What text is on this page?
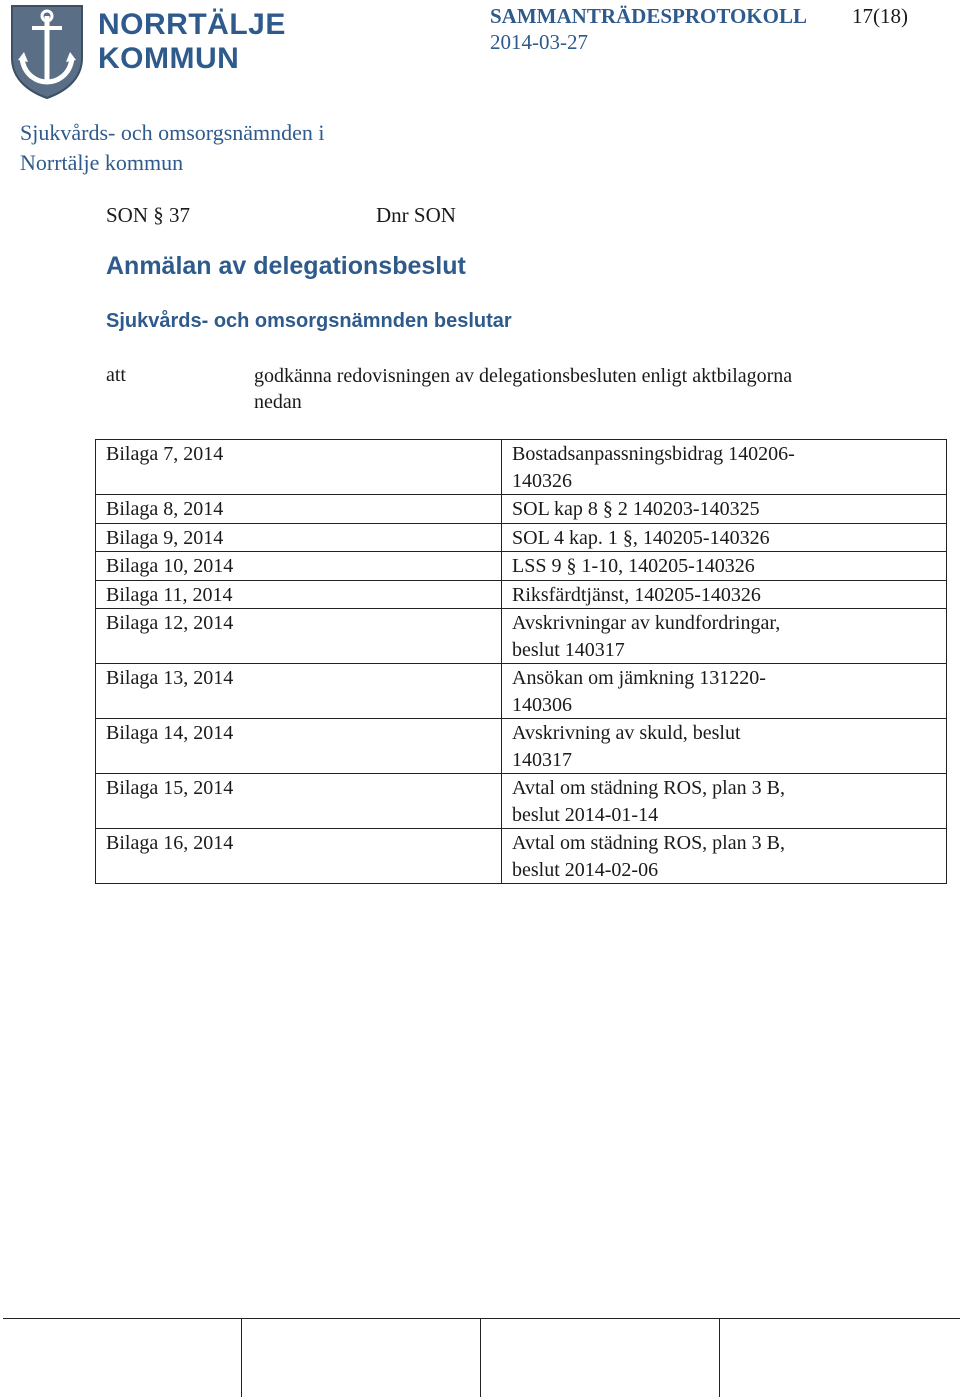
NORRTÄLJE
KOMMUN
SAMMANTRÄDESPROTOKOLL 17(18)
2014-03-27
Sjukvårds- och omsorgsnämnden i
Norrtälje kommun
SON § 37	Dnr SON
Anmälan av delegationsbeslut
Sjukvårds- och omsorgsnämnden beslutar
att	godkänna redovisningen av delegationsbesluten enligt aktbilagorna nedan
Bilaga 7, 2014	Bostadsanpassningsbidrag 140206-
140326
Bilaga 8, 2014	SOL kap 8 § 2 140203-140325
Bilaga 9, 2014	SOL 4 kap. 1 §, 140205-140326
Bilaga 10, 2014	LSS 9 § 1-10, 140205-140326
Bilaga 11, 2014	Riksfärdtjänst, 140205-140326
Bilaga 12, 2014	Avskrivningar av kundfordringar,
beslut 140317
Bilaga 13, 2014	Ansökan om jämkning 131220-
140306
Bilaga 14, 2014	Avskrivning av skuld, beslut
140317
Bilaga 15, 2014	Avtal om städning ROS, plan 3 B,
beslut 2014-01-14
Bilaga 16, 2014	Avtal om städning ROS, plan 3 B,
beslut 2014-02-06
